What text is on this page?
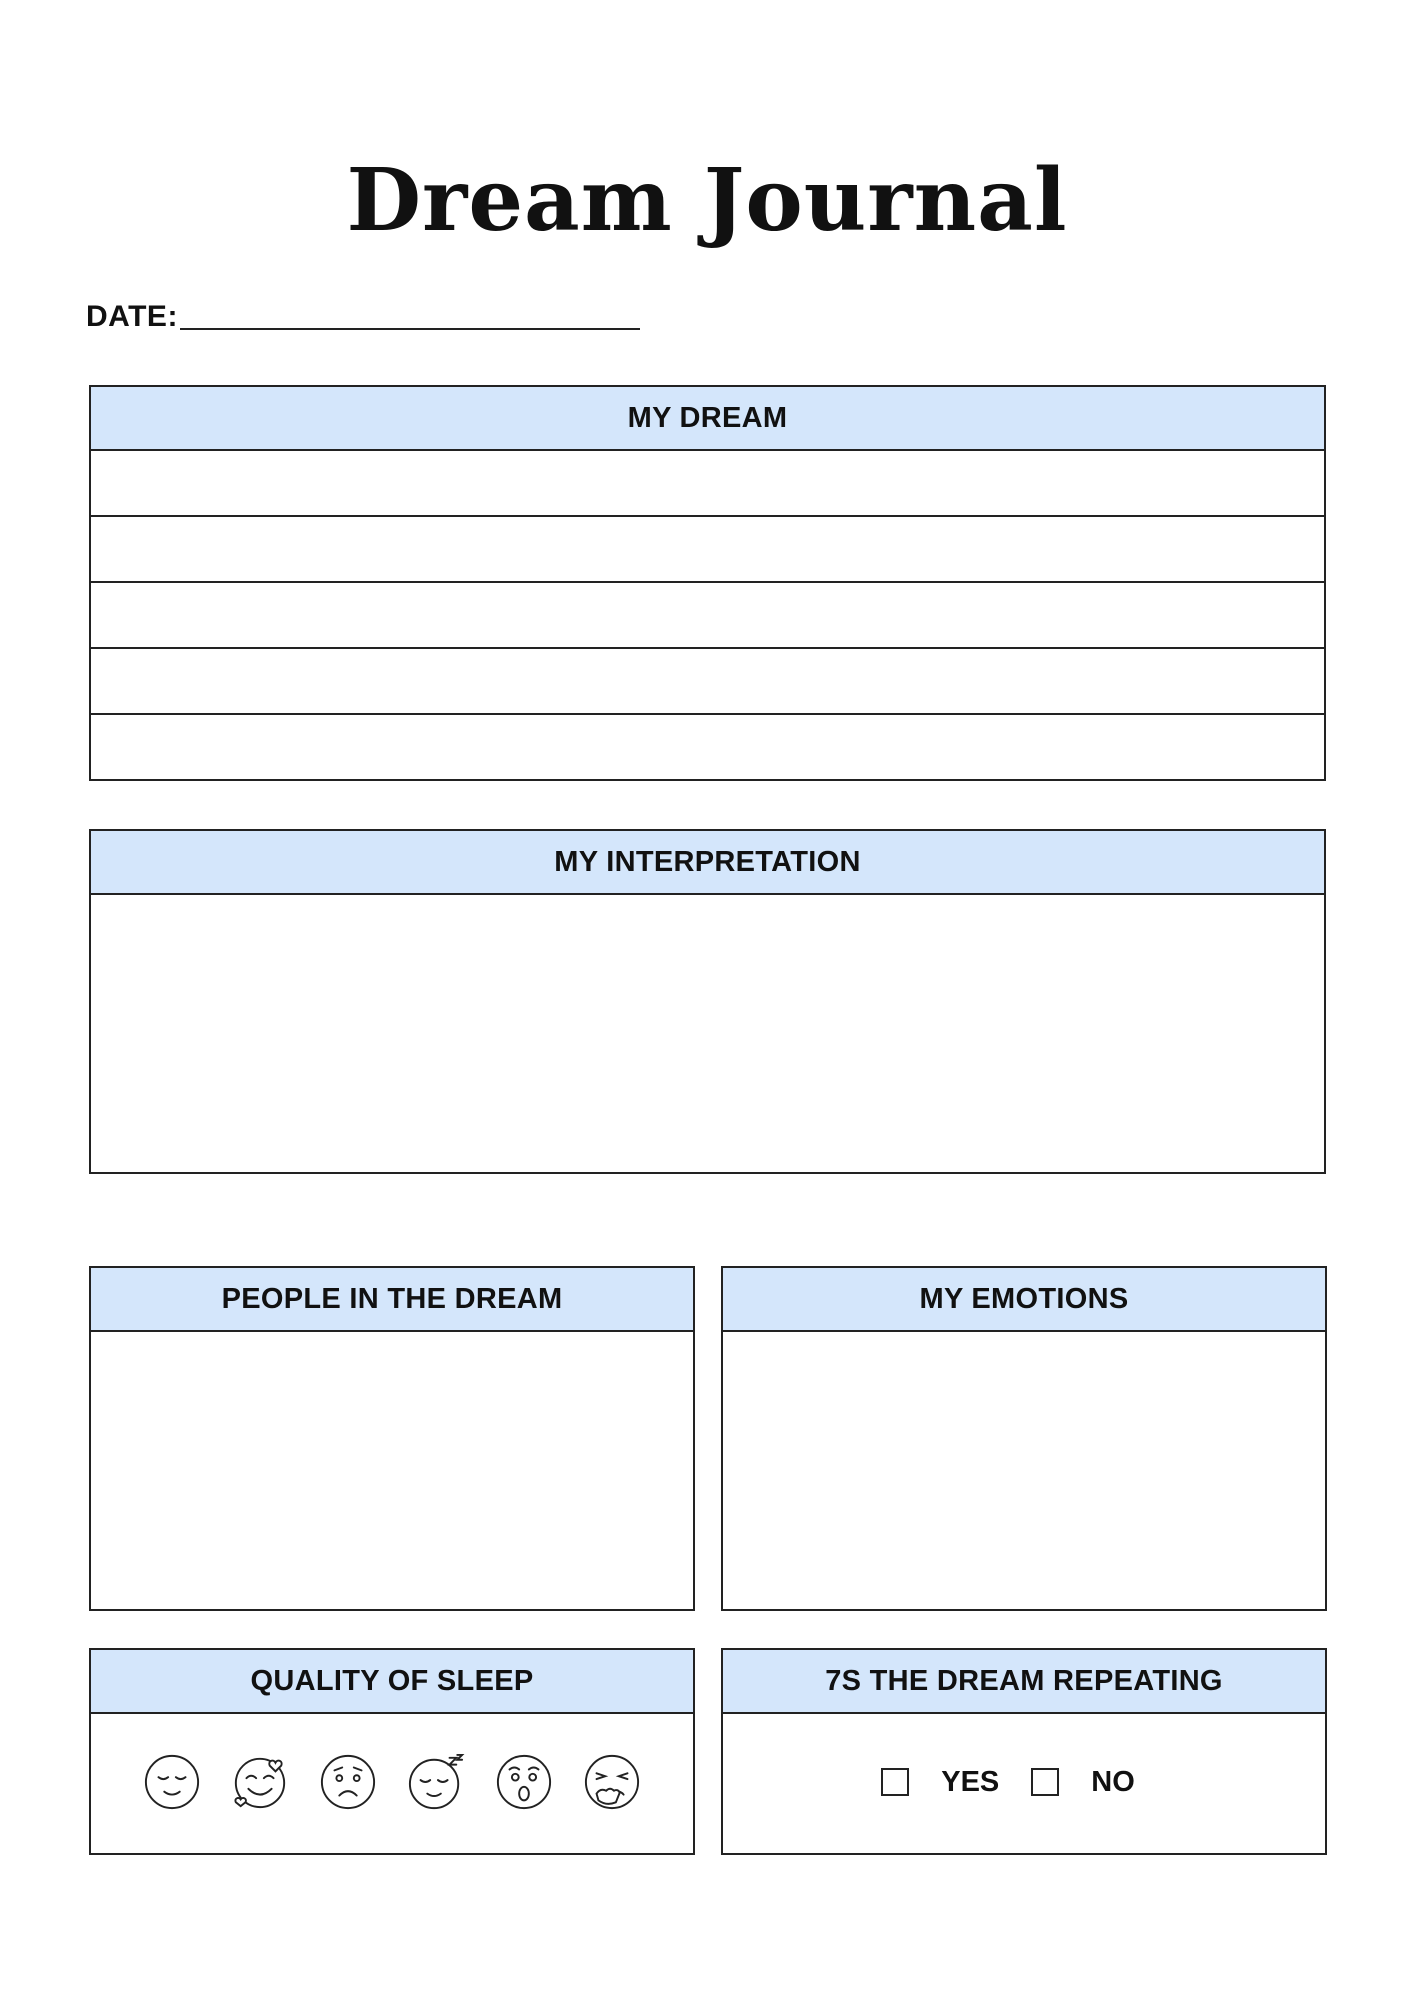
Dream Journal
DATE:
MY DREAM
MY INTERPRETATION
PEOPLE IN THE DREAM	MY EMOTIONS
QUALITY OF SLEEP	7S THE DREAM REPEATING
YES	NO
